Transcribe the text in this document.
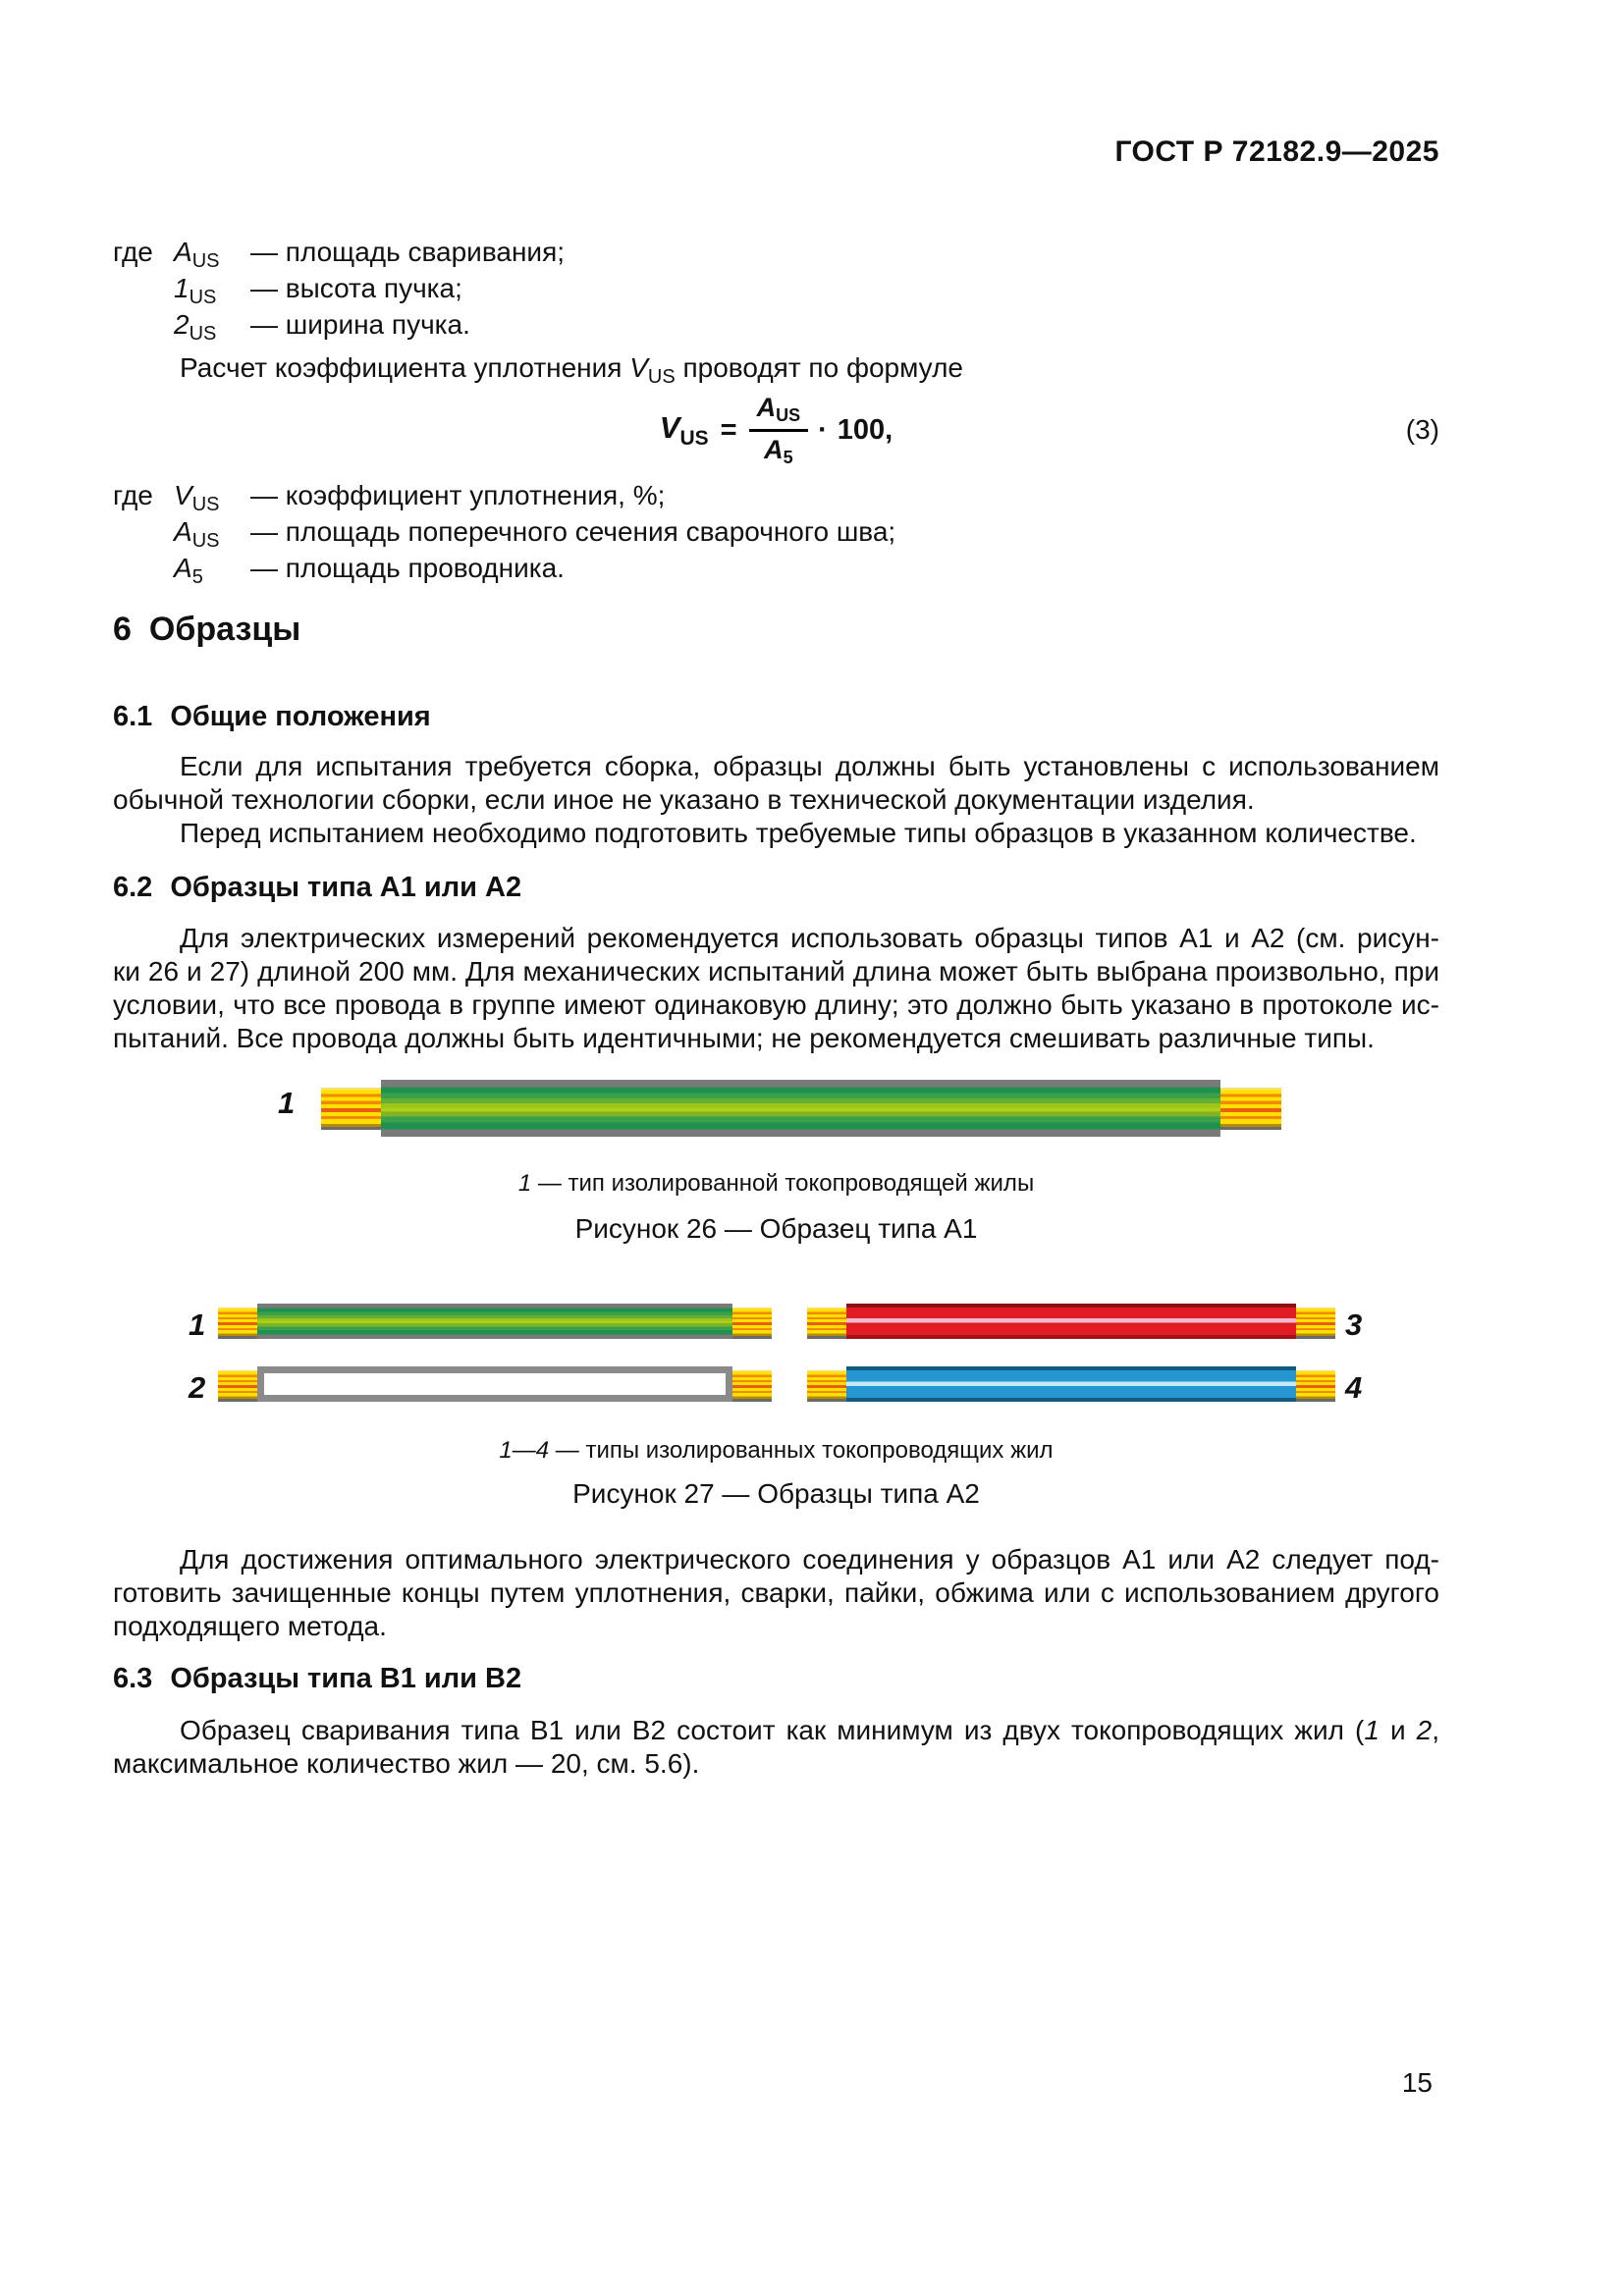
ГОСТ Р 72182.9—2025
где $A_{US}$ — площадь сваривания;
$1_{US}$ — высота пучка;
$2_{US}$ — ширина пучка.
Расчет коэффициента уплотнения $V_{US}$ проводят по формуле
$V_{US} = \frac{\text{AUS}}{A5} \cdot 100$,	(3)
где $V_{US}$ — коэффициент уплотнения, %;
$A_{US}$ — площадь поперечного сечения сварочного шва;
$A_5$ — площадь проводника.
6 Образцы
6.1 Общие положения
Если для испытания требуется сборка, образцы должны быть установлены с использованием
обычной технологии сборки, если иное не указано в технической документации изделия.
Перед испытанием необходимо подготовить требуемые типы образцов в указанном количестве.
6.2 Образцы типа А1 или А2
Для электрических измерений рекомендуется использовать образцы типов А1 и А2 (см. рисун-
ки 26 и 27) длиной 200 мм. Для механических испытаний длина может быть выбрана произвольно, при
условии, что все провода в группе имеют одинаковую длину; это должно быть указано в протоколе ис-
пытаний. Все провода должны быть идентичными; не рекомендуется смешивать различные типы.
1
1 — тип изолированной токопроводящей жилы
Рисунок 26 — Образец типа А1
1	3
2	4
1—4 — типы изолированных токопроводящих жил
Рисунок 27 — Образцы типа А2
Для достижения оптимального электрического соединения у образцов А1 или А2 следует под-
готовить зачищенные концы путем уплотнения, сварки, пайки, обжима или с использованием другого
подходящего метода.
6.3 Образцы типа В1 или В2
Образец сваривания типа В1 или В2 состоит как минимум из двух токопроводящих жил (1 и 2,
максимальное количество жил — 20, см. 5.6).
15
